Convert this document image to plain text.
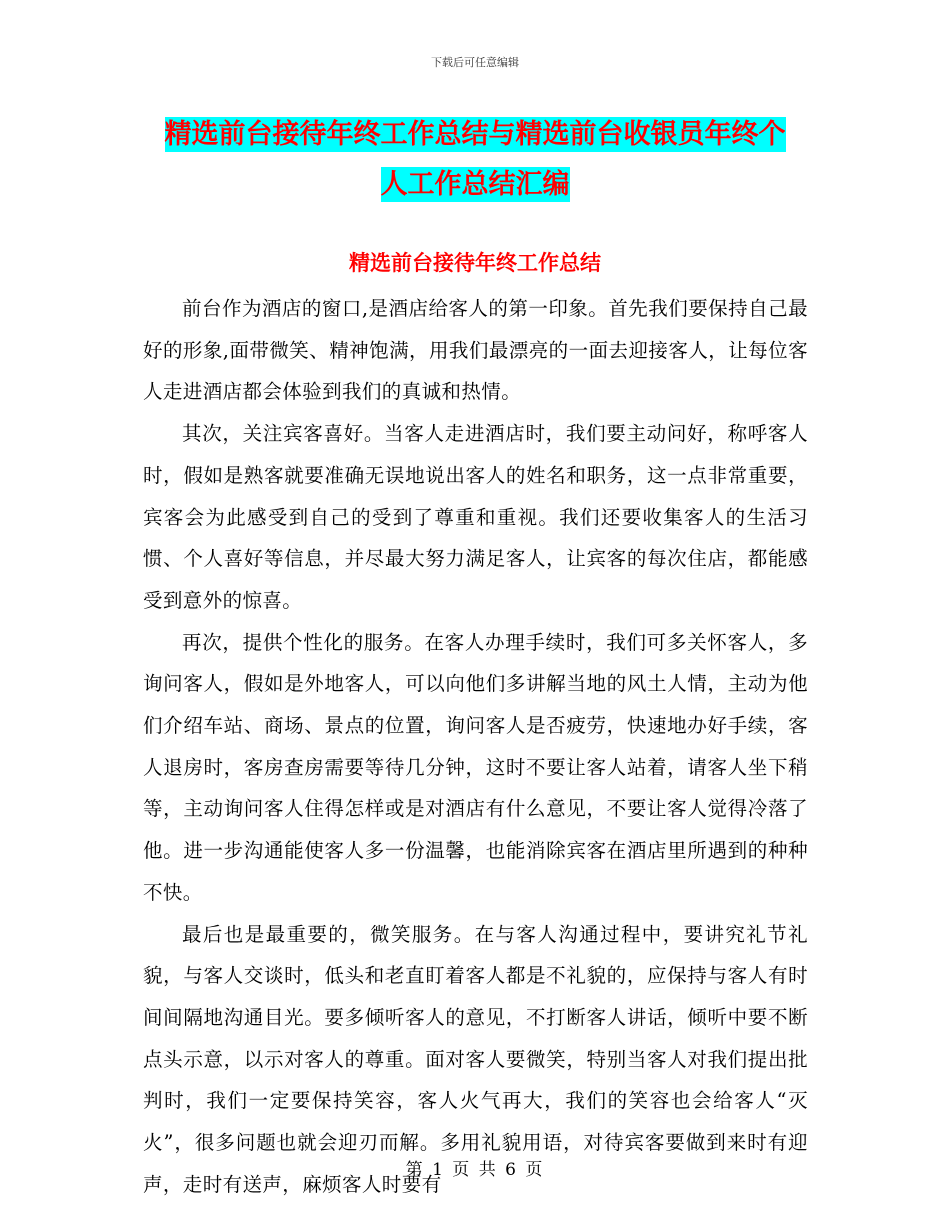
下载后可任意编辑
精选前台接待年终工作总结与精选前台收银员年终个
人工作总结汇编
精选前台接待年终工作总结

前台作为酒店的窗口,是酒店给客人的第一印象。首先我们要保持自己最好的形象,面带微笑、精神饱满，用我们最漂亮的一面去迎接客人，让每位客人走进酒店都会体验到我们的真诚和热情。

其次，关注宾客喜好。当客人走进酒店时，我们要主动问好，称呼客人时，假如是熟客就要准确无误地说出客人的姓名和职务，这一点非常重要，宾客会为此感受到自己的受到了尊重和重视。我们还要收集客人的生活习惯、个人喜好等信息，并尽最大努力满足客人，让宾客的每次住店，都能感受到意外的惊喜。

再次，提供个性化的服务。在客人办理手续时，我们可多关怀客人，多询问客人，假如是外地客人，可以向他们多讲解当地的风土人情，主动为他们介绍车站、商场、景点的位置，询问客人是否疲劳，快速地办好手续，客人退房时，客房查房需要等待几分钟，这时不要让客人站着，请客人坐下稍等，主动询问客人住得怎样或是对酒店有什么意见，不要让客人觉得冷落了他。进一步沟通能使客人多一份温馨，也能消除宾客在酒店里所遇到的种种不快。

最后也是最重要的，微笑服务。在与客人沟通过程中，要讲究礼节礼貌，与客人交谈时，低头和老直盯着客人都是不礼貌的，应保持与客人有时间间隔地沟通目光。要多倾听客人的意见，不打断客人讲话，倾听中要不断点头示意，以示对客人的尊重。面对客人要微笑，特别当客人对我们提出批判时，我们一定要保持笑容，客人火气再大，我们的笑容也会给客人“灭火”，很多问题也就会迎刃而解。多用礼貌用语，对待宾客要做到来时有迎声，走时有送声，麻烦客人时要有

第 1 页 共 6 页
